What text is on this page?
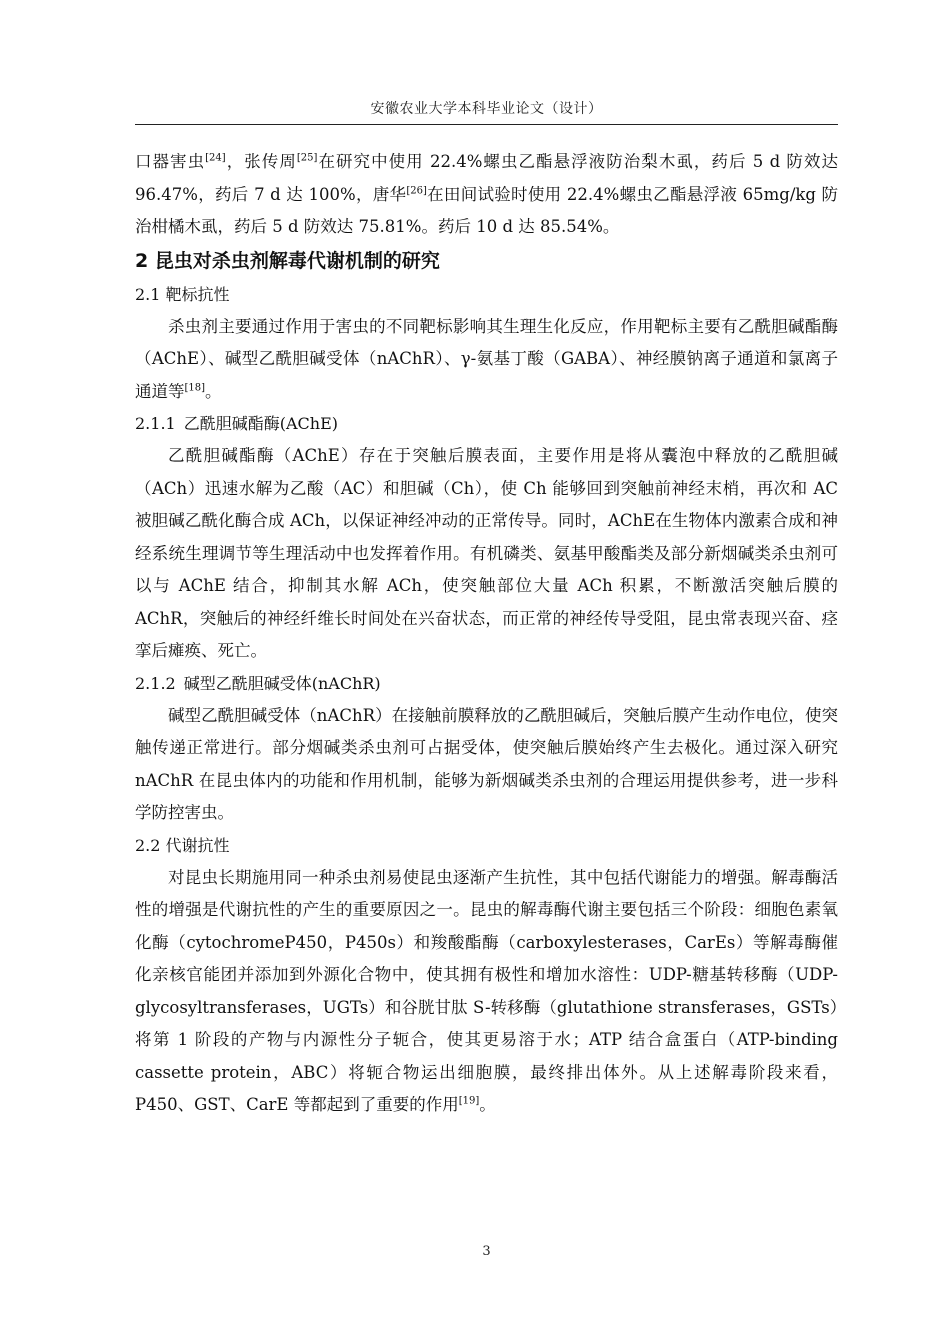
安徽农业大学本科毕业论文（设计）

口器害虫[24]，张传周[25]在研究中使用 22.4%螺虫乙酯悬浮液防治梨木虱，药后 5 d 防效达 96.47%，药后 7 d 达 100%，唐华[26]在田间试验时使用 22.4%螺虫乙酯悬浮液 65mg/kg 防治柑橘木虱，药后 5 d 防效达 75.81%。药后 10 d 达 85.54%。

2 昆虫对杀虫剂解毒代谢机制的研究
2.1 靶标抗性

杀虫剂主要通过作用于害虫的不同靶标影响其生理生化反应，作用靶标主要有乙酰胆碱酯酶（AChE）、碱型乙酰胆碱受体（nAChR）、γ-氨基丁酸（GABA）、神经膜钠离子通道和氯离子通道等[18]。

2.1.1 乙酰胆碱酯酶(AChE)

乙酰胆碱酯酶（AChE）存在于突触后膜表面，主要作用是将从囊泡中释放的乙酰胆碱（ACh）迅速水解为乙酸（AC）和胆碱（Ch），使 Ch 能够回到突触前神经末梢，再次和 AC 被胆碱乙酰化酶合成 ACh，以保证神经冲动的正常传导。同时，AChE在生物体内激素合成和神经系统生理调节等生理活动中也发挥着作用。有机磷类、氨基甲酸酯类及部分新烟碱类杀虫剂可以与 AChE 结合，抑制其水解 ACh，使突触部位大量 ACh 积累，不断激活突触后膜的 AChR，突触后的神经纤维长时间处在兴奋状态，而正常的神经传导受阻，昆虫常表现兴奋、痉挛后瘫痪、死亡。

2.1.2 碱型乙酰胆碱受体(nAChR)

碱型乙酰胆碱受体（nAChR）在接触前膜释放的乙酰胆碱后，突触后膜产生动作电位，使突触传递正常进行。部分烟碱类杀虫剂可占据受体，使突触后膜始终产生去极化。通过深入研究 nAChR 在昆虫体内的功能和作用机制，能够为新烟碱类杀虫剂的合理运用提供参考，进一步科学防控害虫。

2.2 代谢抗性

对昆虫长期施用同一种杀虫剂易使昆虫逐渐产生抗性，其中包括代谢能力的增强。解毒酶活性的增强是代谢抗性的产生的重要原因之一。昆虫的解毒酶代谢主要包括三个阶段：细胞色素氧化酶（cytochromeP450，P450s）和羧酸酯酶（carboxylesterases，CarEs）等解毒酶催化亲核官能团并添加到外源化合物中，使其拥有极性和增加水溶性：UDP-糖基转移酶（UDP-glycosyltransferases，UGTs）和谷胱甘肽 S-转移酶（glutathione stransferases，GSTs）将第 1 阶段的产物与内源性分子轭合，使其更易溶于水；ATP 结合盒蛋白（ATP-binding cassette protein，ABC）将轭合物运出细胞膜，最终排出体外。从上述解毒阶段来看，P450、GST、CarE 等都起到了重要的作用[19]。

3
